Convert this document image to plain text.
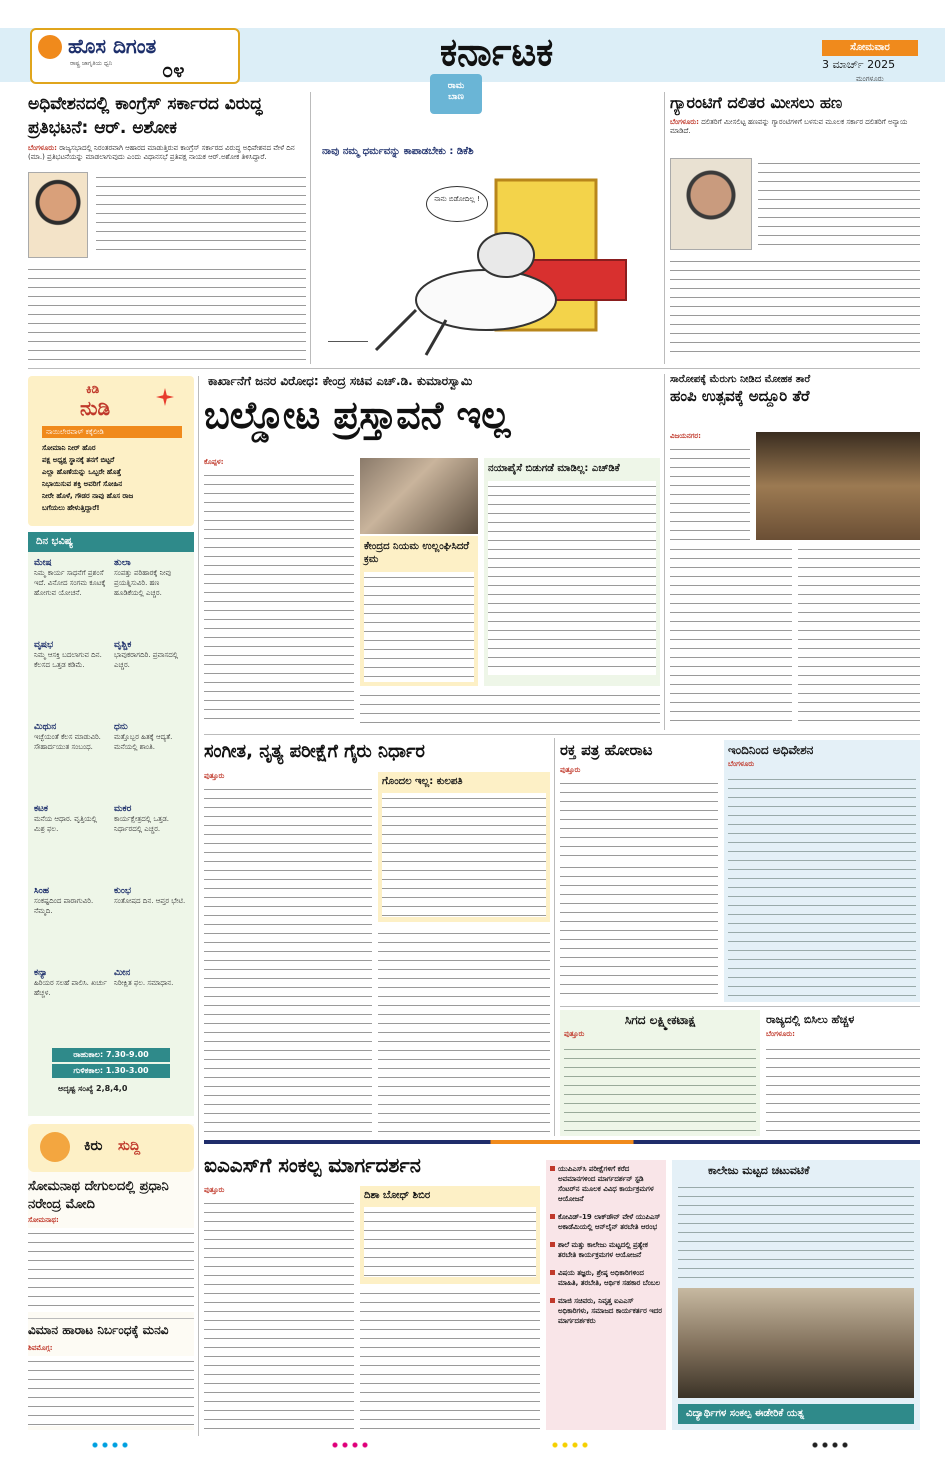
ಹೊಸ ದಿಗಂತ
ರಾಷ್ಟ್ರ ಜಾಗೃತಿಯ ಧ್ವನಿ ೦೪	ಕರ್ನಾಟಕ	ಸೋಮವಾರ
3 ಮಾರ್ಚ್ 2025
ಮಂಗಳೂರು
ಅಧಿವೇಶನದಲ್ಲಿ ಕಾಂಗ್ರೆಸ್ ಸರ್ಕಾರದ ವಿರುದ್ಧ ಪ್ರತಿಭಟನೆ: ಆರ್. ಅಶೋಕ
ಬೆಂಗಳೂರು: ರಾಜ್ಯಸಭಾದಲ್ಲಿ ನಿರಂತರವಾಗಿ ಆಹಾರದ ಮಾಡುತ್ತಿರುವ ಕಾಂಗ್ರೆಸ್ ಸರ್ಕಾರದ ವಿರುದ್ಧ ಅಧಿವೇಶನದ ವೇಳೆ ದಿನ (ಮಾ.) ಪ್ರತಿಭಟನೆಯನ್ನು ಮಾಡಲಾಗುವುದು ಎಂದು ವಿಧಾನಸಭೆ ಪ್ರತಿಪಕ್ಷ ನಾಯಕ ಆರ್.ಅಶೋಕ ತಿಳಿಸಿದ್ದಾರೆ.
ರಾಮ
ಬಾಣ
ನಾವು ನಮ್ಮ ಧರ್ಮವನ್ನು ಕಾಪಾಡಬೇಕು : ಡಿಕೆಶಿ
ನಾನು ಬಿಡೋದಿಲ್ಲ !
ಗ್ಯಾರಂಟಿಗೆ ದಲಿತರ ಮೀಸಲು ಹಣ
ಬೆಂಗಳೂರು: ದಲಿತರಿಗೆ ಮೀಸಲಿಟ್ಟ ಹಣವನ್ನು ಗ್ಯಾರಂಟಿಗಳಿಗೆ ಬಳಸುವ ಮೂಲಕ ಸರ್ಕಾರ ದಲಿತರಿಗೆ ಅನ್ಯಾಯ ಮಾಡಿದೆ.
ಕಿಡಿ
ನುಡಿ
ನಾಯಿಲೇರವಾಳ್ ಕಕ್ಕೆಲೀಡಿ
ಸೋಮಾನಿ ನೀರ್ ಹೊರ
ಪಕ್ಷ ಅಧ್ಯಕ್ಷ ಸ್ಥಾನಕ್ಕೆ ತನಗೆ ಬಿಟ್ಟರೆ
ಎಲ್ಲಾ ಹೊಣೆಯನ್ನು ಒಬ್ಬರೇ ಹೊತ್ತೆ
ನಿಭಾಯಿಸುವ ಶಕ್ತಿ ಅವರಿಗೆ ಸೋಹಿನ
ನೀರೇ ಹೊಳೆ, ಗೌಡರ ನಾವು ಹೊಸ ರಾಜ
ಬಗೆಯಲು ಹೇಳುತ್ತಿದ್ದಾರೆ!
ದಿನ ಭವಿಷ್ಯ
ಮೇಷ
ನಿಮ್ಮ ಕಾರ್ಯ ಸಾಧನೆಗೆ ಪ್ರಶಂಸೆ ಇದೆ. ವಿನೋದ ಸಂಗಮ ಕೂಟಕ್ಕೆ ಹೋಗುವ ಯೋಚನೆ.
ತುಲಾ
ಸಂಪತ್ತು ಪರಿಹಾರಕ್ಕೆ ನೀವು ಪ್ರಯತ್ನಿಸುವಿರಿ. ಹಣ ಹೂಡಿಕೆಯಲ್ಲಿ ಎಚ್ಚರ.
ವೃಷಭ
ನಿಮ್ಮ ಆಸಕ್ತಿ ಬದಲಾಗುವ ದಿನ. ಕೆಲಸದ ಒತ್ತಡ ಕಡಿಮೆ.
ವೃಶ್ಚಿಕ
ಭಾವುಕರಾಗದಿರಿ. ಪ್ರವಾಸದಲ್ಲಿ ಎಚ್ಚರ.
ಮಿಥುನ
ಇಚ್ಛೆಯಂತೆ ಕೆಲಸ ಮಾಡುವಿರಿ. ಸೌಹಾರ್ದಯುತ ಸಂಬಂಧ.
ಧನು
ಮತ್ತೊಬ್ಬರ ಹಿತಕ್ಕೆ ಆದ್ಯತೆ. ಮನೆಯಲ್ಲಿ ಶಾಂತಿ.
ಕಟಕ
ಮನೆಯ ಆಧಾರ. ವೃತ್ತಿಯಲ್ಲಿ ಮಿಶ್ರ ಫಲ.
ಮಕರ
ಕಾರ್ಯಕ್ಷೇತ್ರದಲ್ಲಿ ಒತ್ತಡ. ನಿರ್ಧಾರದಲ್ಲಿ ಎಚ್ಚರ.
ಸಿಂಹ
ಸಂಕಷ್ಟದಿಂದ ಪಾರಾಗುವಿರಿ. ನೆಮ್ಮದಿ.
ಕುಂಭ
ಸಂತೋಷದ ದಿನ. ಆಪ್ತರ ಭೇಟಿ.
ಕನ್ಯಾ
ಹಿರಿಯರ ಸಲಹೆ ಪಾಲಿಸಿ. ಖರ್ಚು ಹೆಚ್ಚಳ.
ಮೀನ
ನಿರೀಕ್ಷಿತ ಫಲ. ಸಮಾಧಾನ.
ರಾಹುಕಾಲ: 7.30-9.00
ಗುಳಿಕಕಾಲ: 1.30-3.00
ಅದೃಷ್ಟ ಸಂಖ್ಯೆ 2,8,4,0
ಕಿರು ಸುದ್ದಿ
ಸೋಮನಾಥ ದೇಗುಲದಲ್ಲಿ ಪ್ರಧಾನಿ ನರೇಂದ್ರ ಮೋದಿ
ಸೋಮನಾಥ:
ವಿಮಾನ ಹಾರಾಟ ನಿರ್ಬಂಧಕ್ಕೆ ಮನವಿ
ಶಿವಮೊಗ್ಗ:
ಕಾರ್ಖಾನೆಗೆ ಜನರ ವಿರೋಧ: ಕೇಂದ್ರ ಸಚಿವ ಎಚ್.ಡಿ. ಕುಮಾರಸ್ವಾಮಿ
ಬಲ್ಡೋಟ ಪ್ರಸ್ತಾವನೆ ಇಲ್ಲ
ಕೊಪ್ಪಳ:
ಕೇಂದ್ರದ ನಿಯಮ ಉಲ್ಲಂಘಿಸಿದರೆ ಕ್ರಮ
ನಯಾಪೈಸೆ ಬಿಡುಗಡೆ ಮಾಡಿಲ್ಲ: ಎಚ್‌ಡಿಕೆ
ಸಾರೋಪಕ್ಕೆ ಮೆರುಗು ನೀಡಿದ ಮೋಹಕ ತಾರೆ
ಹಂಪಿ ಉತ್ಸವಕ್ಕೆ ಅದ್ದೂರಿ ತೆರೆ
ವಿಜಯನಗರ:
ಸಂಗೀತ, ನೃತ್ಯ ಪರೀಕ್ಷೆಗೆ ಗೈರು ನಿರ್ಧಾರ
ಪುತ್ತೂರು	ಗೊಂದಲ ಇಲ್ಲ: ಕುಲಪತಿ
ರಕ್ತ ಪತ್ರ ಹೋರಾಟ
ಪುತ್ತೂರು
ಇಂದಿನಿಂದ ಅಧಿವೇಶನ
ಬೆಂಗಳೂರು
ಸಿಗದ ಲಕ್ಷ್ಮೀಕಟಾಕ್ಷ
ಪುತ್ತೂರು
ರಾಜ್ಯದಲ್ಲಿ ಬಿಸಿಲು ಹೆಚ್ಚಳ
ಬೆಂಗಳೂರು:
ಐಎಎಸ್‌ಗೆ ಸಂಕಲ್ಪ ಮಾರ್ಗದರ್ಶನ
ಪುತ್ತೂರು	ದಿಶಾ ಬೋಧ್ ಶಿಬಿರ
ಯುಪಿಎಸ್‌ಸಿ ಪರೀಕ್ಷೆಗಳಿಗೆ ಕರೆದ ಅವಮಾನಗಳಿಂದ ಮಾರ್ಗದರ್ಶನ್ ಸ್ಟಡಿ ಸೆಂಟರ್‌ನ ಮೂಲಕ ವಿವಿಧ ಕಾರ್ಯಕ್ರಮಗಳ ಆಯೋಜನೆ
ಕೋವಿಡ್-19 ಲಾಕ್‌ಡೌನ್ ವೇಳೆ ಯುಪಿಎಸ್ ಅಕಾಡೆಮಿಯಲ್ಲಿ ಆನ್‌ಲೈನ್ ತರಬೇತಿ ಆರಂಭ
ಶಾಲೆ ಮತ್ತು ಕಾಲೇಜು ಮಟ್ಟದಲ್ಲಿ ಪ್ರತ್ಯೇಕ ತರಬೇತಿ ಕಾರ್ಯಕ್ರಮಗಳ ಆಯೋಜನೆ
ವಿಷಯ ತಜ್ಞರು, ಶ್ರೇಷ್ಠ ಅಧಿಕಾರಿಗಳಿಂದ ಮಾಹಿತಿ, ತರಬೇತಿ, ಆರ್ಥಿಕ ಸಹಕಾರ ಬೆಂಬಲ
ಮಾಜಿ ಸಚಿವರು, ನಿವೃತ್ತ ಐಎಎಸ್ ಅಧಿಕಾರಿಗಳು, ಸಮಾಜದ ಕಾರ್ಯಕರ್ತರ ಇದರ ಮಾರ್ಗದರ್ಶಕರು
ಕಾಲೇಜು ಮಟ್ಟದ ಚಟುವಟಿಕೆ
ವಿದ್ಯಾರ್ಥಿಗಳ ಸಂಕಲ್ಪ ಈಡೇರಿಕೆ ಯತ್ನ
